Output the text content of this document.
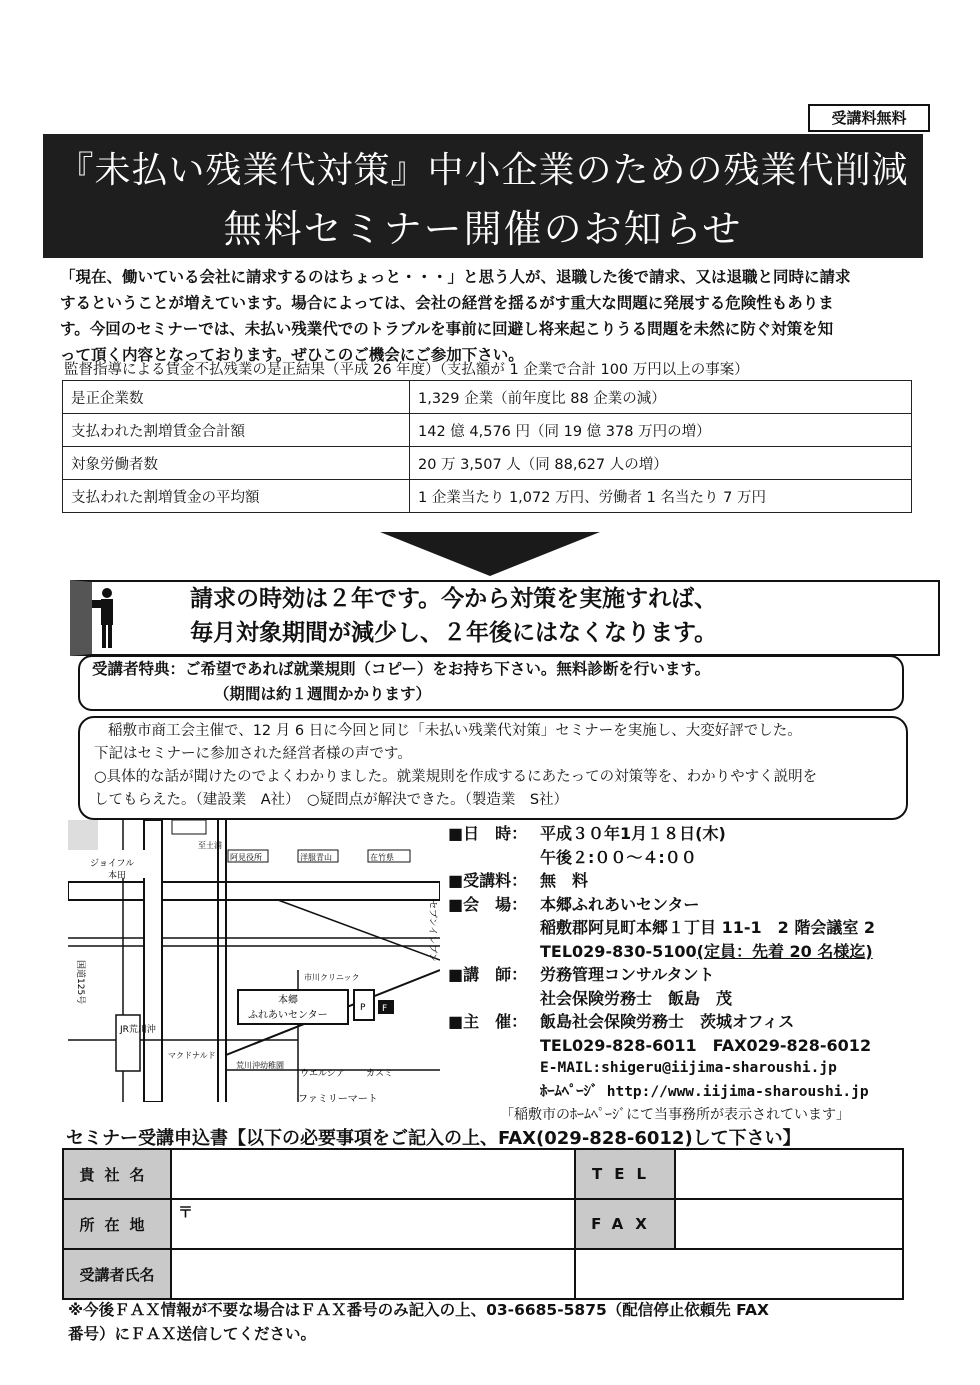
受講料無料
『未払い残業代対策』中小企業のための残業代削減
無料セミナー開催のお知らせ

「現在、働いている会社に請求するのはちょっと・・・」と思う人が、退職した後で請求、又は退職と同時に請求

するということが増えています。場合によっては、会社の経営を揺るがす重大な問題に発展する危険性もありま

す。今回のセミナーでは、未払い残業代でのトラブルを事前に回避し将来起こりうる問題を未然に防ぐ対策を知

って頂く内容となっております。ぜひこのご機会にご参加下さい。

監督指導による賃金不払残業の是正結果（平成 26 年度）（支払額が 1 企業で合計 100 万円以上の事案）
是正企業数	1,329 企業（前年度比 88 企業の減）
支払われた割増賃金合計額	142 億 4,576 円（同 19 億 378 万円の増）
対象労働者数	20 万 3,507 人（同 88,627 人の増）
支払われた割増賃金の平均額	1 企業当たり 1,072 万円、労働者 1 名当たり 7 万円
請求の時効は２年です。今から対策を実施すれば、
毎月対象期間が減少し、２年後にはなくなります。
受講者特典：ご希望であれば就業規則（コピー）をお持ち下さい。無料診断を行います。
（期間は約１週間かかります）

稲敷市商工会主催で、12 月 6 日に今回と同じ「未払い残業代対策」セミナーを実施し、大変好評でした。

下記はセミナーに参加された経営者様の声です。

○具体的な話が聞けたのでよくわかりました。就業規則を作成するにあたっての対策等を、わかりやすく説明を

してもらえた。（建設業　A社）　○疑問点が解決できた。（製造業　S社）

ジョイフル
本田
阿見役所	洋服青山	在竹県
至土浦
国道125号
JR荒川沖
本郷
ふれあいセンター
P F
市川クリニック
セブンイレブン
ファミリーマート
ウエルシア カスミ
荒川沖幼稚園
マクドナルド
■日　時： 平成３０年1月１８日(木)
午後２:００～４:００
■受講料： 無　料
■会　場： 本郷ふれあいセンター
稲敷郡阿見町本郷１丁目 11-1　2 階会議室 2
TEL029-830-5100(定員：先着 20 名様迄)
■講　師： 労務管理コンサルタント
社会保険労務士　飯島　茂
■主　催： 飯島社会保険労務士　茨城オフィス
TEL029-828-6011　FAX029-828-6012
E-MAIL:shigeru@iijima-sharoushi.jp
ﾎｰﾑﾍﾟｰｼﾞ http://www.iijima-sharoushi.jp
「稲敷市のﾎｰﾑﾍﾟｰｼﾞにて当事務所が表示されています」
セミナー受講申込書【以下の必要事項をご記入の上、FAX(029-828-6012)して下さい】
貴社名		TEL	
所在地	〒	FAX	
受講者氏名			
※今後ＦＡＸ情報が不要な場合はＦＡＸ番号のみ記入の上、03-6685-5875（配信停止依頼先 FAX
番号）にＦＡＸ送信してください。
